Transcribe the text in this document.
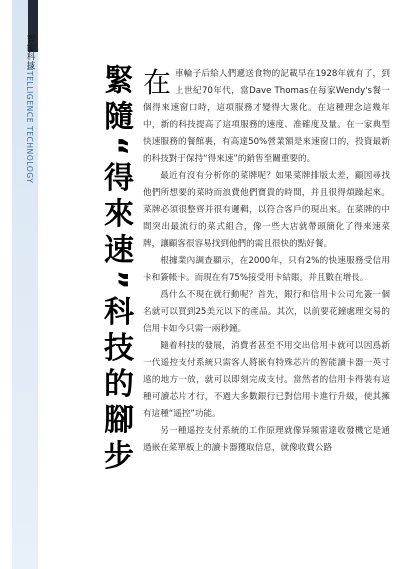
智能科技
INTELLIGENCE TECHNOLOGY	緊隨“得來速”科技的腳步 在車輪子后給人們遞送食物的記載早在1928年就有了，到上世紀70年代，當Dave Thomas在每家Wendy's餐一個得來速窗口時，這項服務才變得大衆化。在這種理念這幾年中，新的科技提高了這項服務的速度、准確度及量。在一家典型快速服務的餐館裏，有高達50%營業額是來速窗口的，投資最新的科技對于保持“得來速”的銷售至關重要的。

最近有沒有分析你的菜牌呢？如果菜牌排版太差，顧因尋找他們所想要的菜時而浪費他們寶貴的時間，并且很得煩躁起來。菜牌必須很整齊并很有邏輯，以符合客戶的現出來。在菜牌的中間突出最流行的菜式組合，像一些大店就帶頭簡化了得來速菜牌，讓顧客很容易找到他們的需且很快的點好餐。

根據業內調查顯示，在2000年，只有2%的快速服務受信用卡和簽帳卡。而現在有75%接受用卡結賬，并且數在增長。

爲什么不現在就行動呢？首先，銀行和信用卡公司允簽一個名就可以買到25美元以下的產品。其次，以前要花鐘處理交易的信用卡如今只需一兩秒鐘。

隨着科技的發展，消費者甚至不用交出信用卡就可以因爲新一代遥控支付系統只需客人將嵌有特殊芯片的智能讀卡器一英寸遠的地方一放，就可以即刻完成支付。當然者的信用卡得裝有這種可讀芯片才行，不過大多數銀行已對信用卡進行升級，使其擁有這種“遥控”功能。

另一種遥控支付系統的工作原理就像异頻雷達收發機它是通過嵌在菜單板上的讀卡器獲取信息，就像收費公路
